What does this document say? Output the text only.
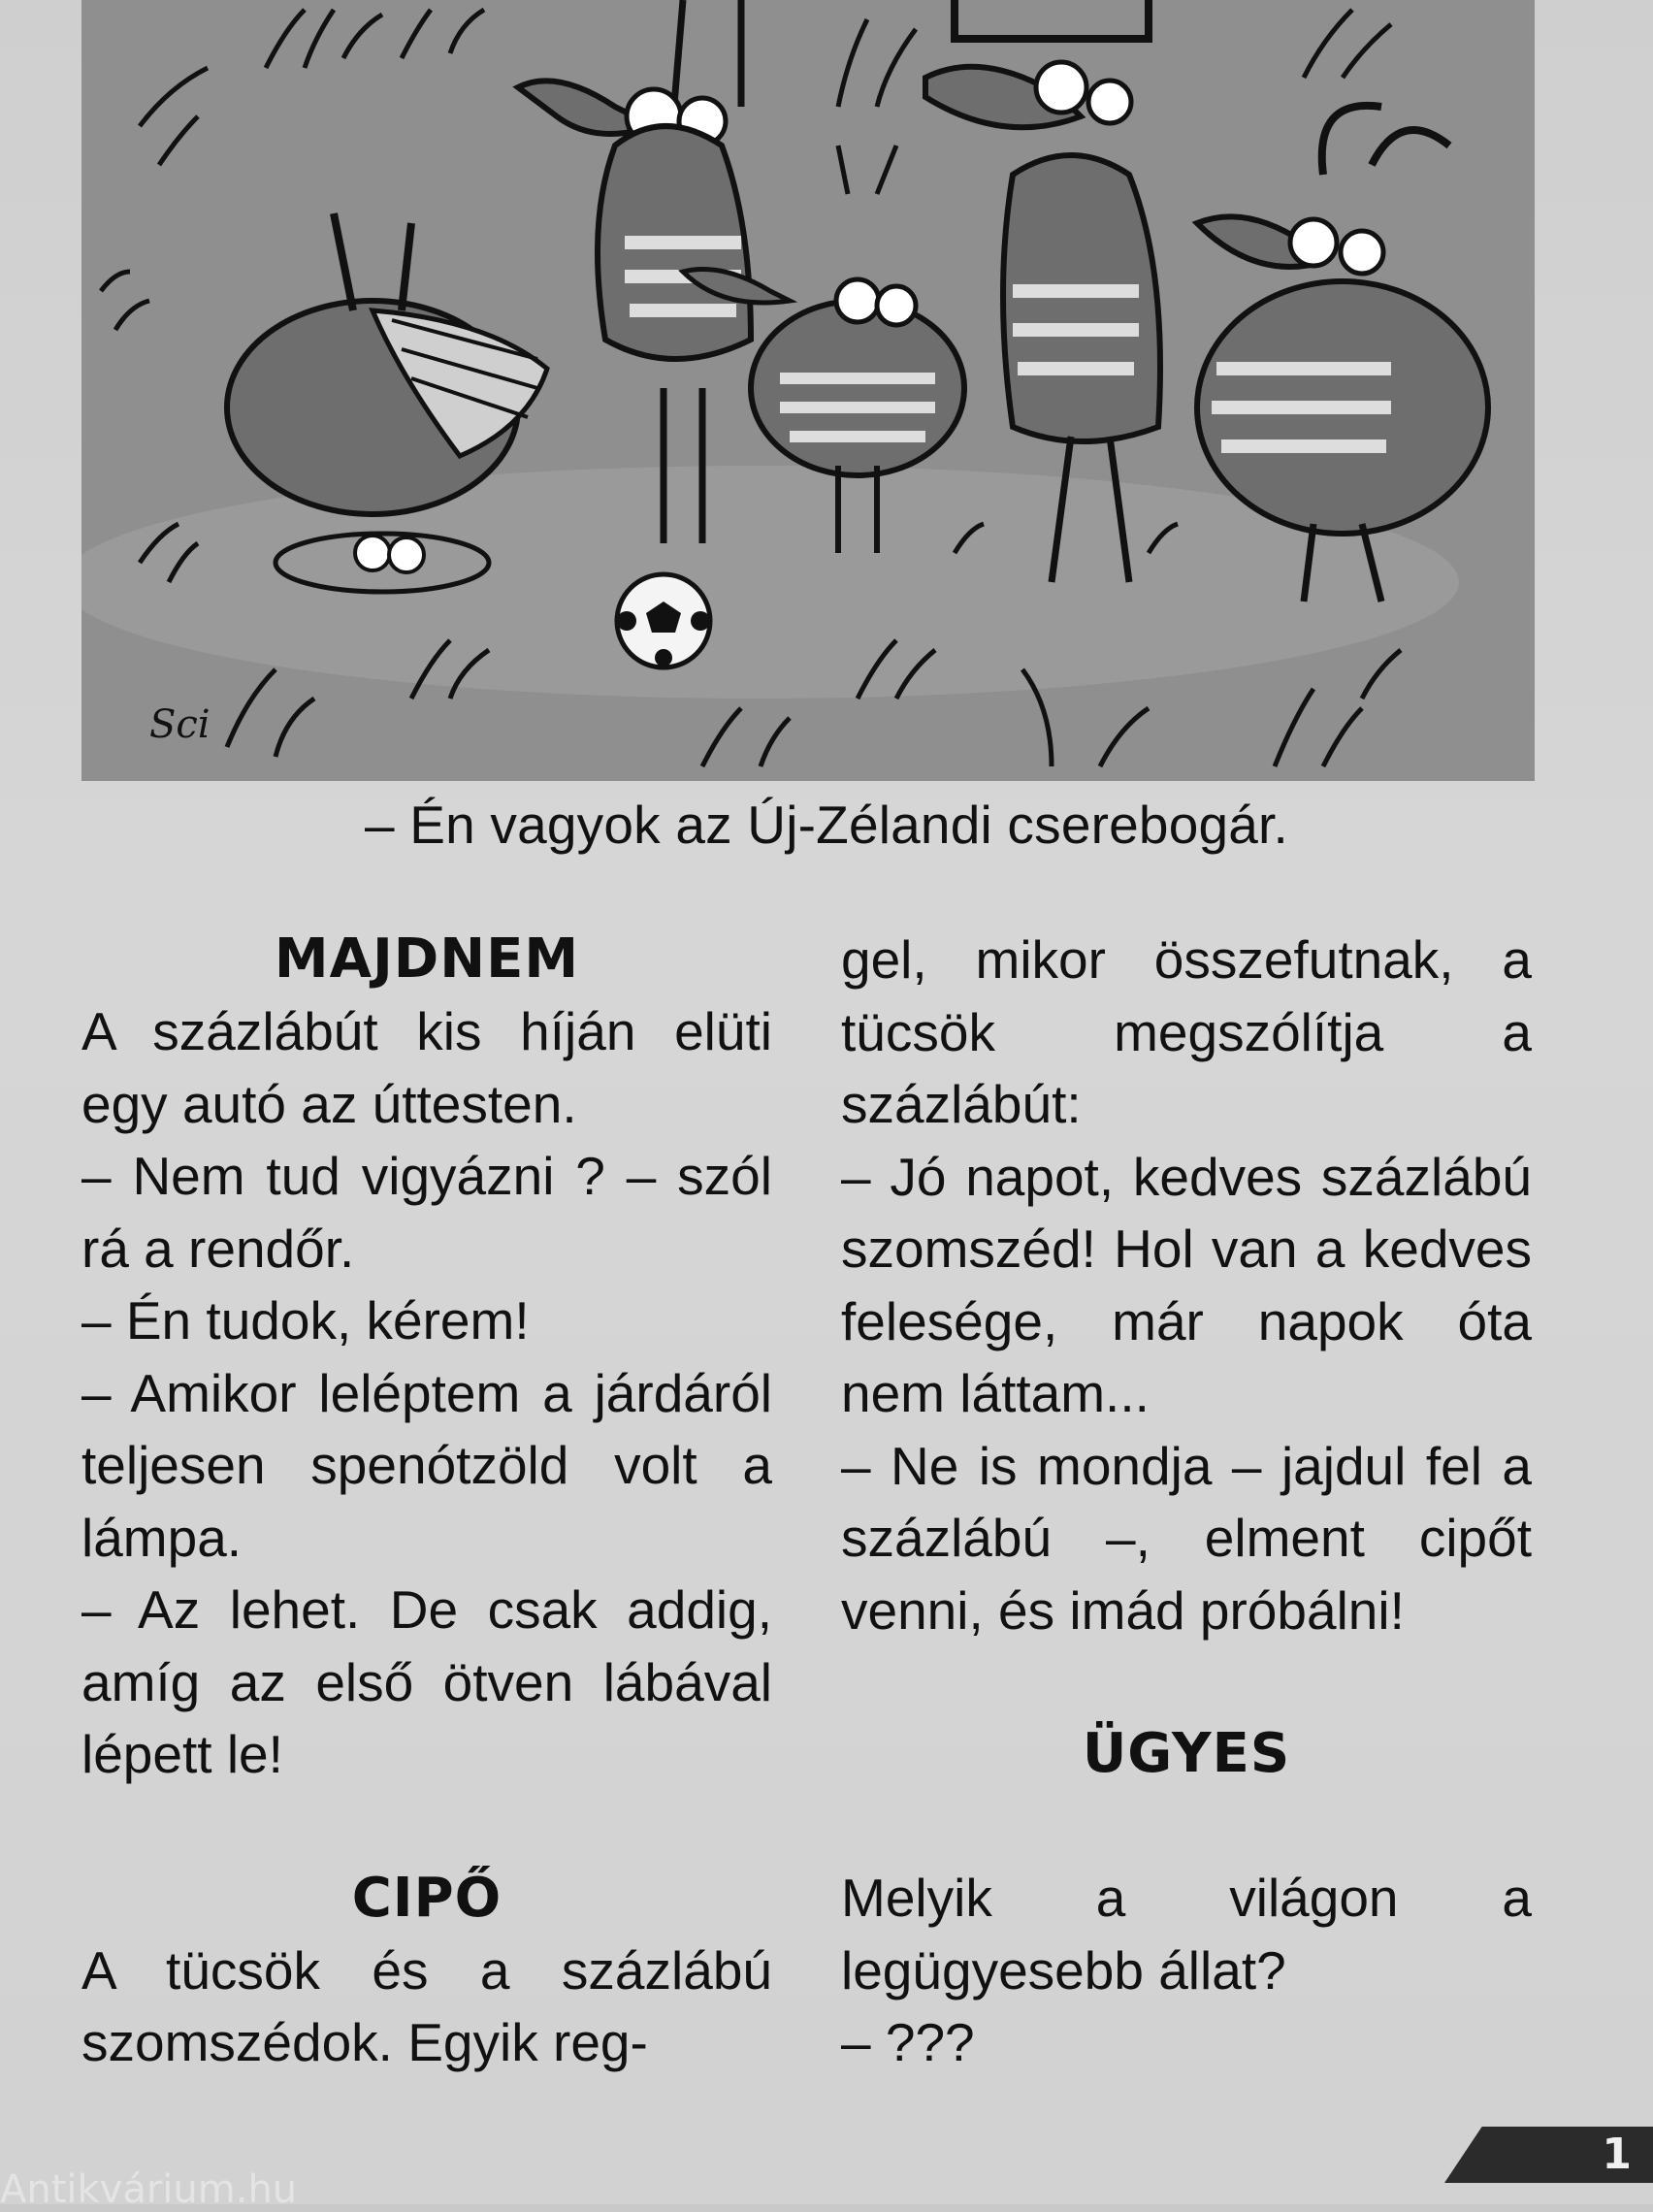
Sci
– Én vagyok az Új-Zélandi cserebogár.
MAJDNEM

A százlábút kis híján elüti egy autó az úttesten.

– Nem tud vigyázni ? – szól rá a rendőr.

– Én tudok, kérem!

– Amikor leléptem a járdáról teljesen spenótzöld volt a lámpa.

– Az lehet. De csak addig, amíg az első ötven lábával lépett le!

CIPŐ

A tücsök és a százlábú szomszédok. Egyik reg-

gel, mikor összefutnak, a tücsök megszólítja a százlábút:

– Jó napot, kedves százlábú szomszéd! Hol van a kedves felesége, már napok óta nem láttam...

– Ne is mondja – jajdul fel a százlábú –, elment cipőt venni, és imád próbálni!

ÜGYES

Melyik a világon a legügyesebb állat?

– ???

1
Antikvárium.hu
